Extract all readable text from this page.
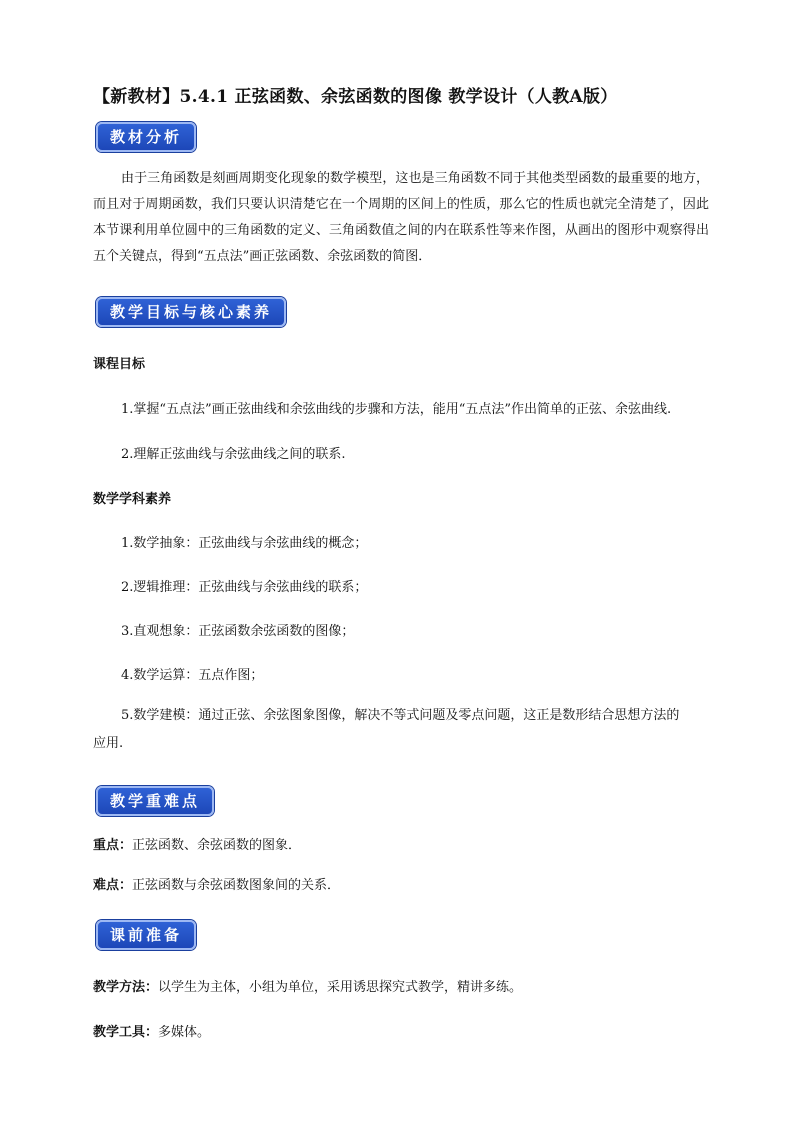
【新教材】5.4.1 正弦函数、余弦函数的图像 教学设计（人教A版）
教材分析
由于三角函数是刻画周期变化现象的数学模型，这也是三角函数不同于其他类型函数的最重要的地方，而且对于周期函数，我们只要认识清楚它在一个周期的区间上的性质，那么它的性质也就完全清楚了，因此本节课利用单位圆中的三角函数的定义、三角函数值之间的内在联系性等来作图，从画出的图形中观察得出五个关键点，得到“五点法”画正弦函数、余弦函数的简图．
教学目标与核心素养
课程目标
1.掌握“五点法”画正弦曲线和余弦曲线的步骤和方法，能用“五点法”作出简单的正弦、余弦曲线.
2.理解正弦曲线与余弦曲线之间的联系.
数学学科素养
1.数学抽象：正弦曲线与余弦曲线的概念；
2.逻辑推理：正弦曲线与余弦曲线的联系；
3.直观想象：正弦函数余弦函数的图像；
4.数学运算：五点作图；
5.数学建模：通过正弦、余弦图象图像，解决不等式问题及零点问题，这正是数形结合思想方法的应用.
教学重难点
重点：正弦函数、余弦函数的图象．
难点：正弦函数与余弦函数图象间的关系．
课前准备
教学方法：以学生为主体，小组为单位，采用诱思探究式教学，精讲多练。
教学工具：多媒体。
